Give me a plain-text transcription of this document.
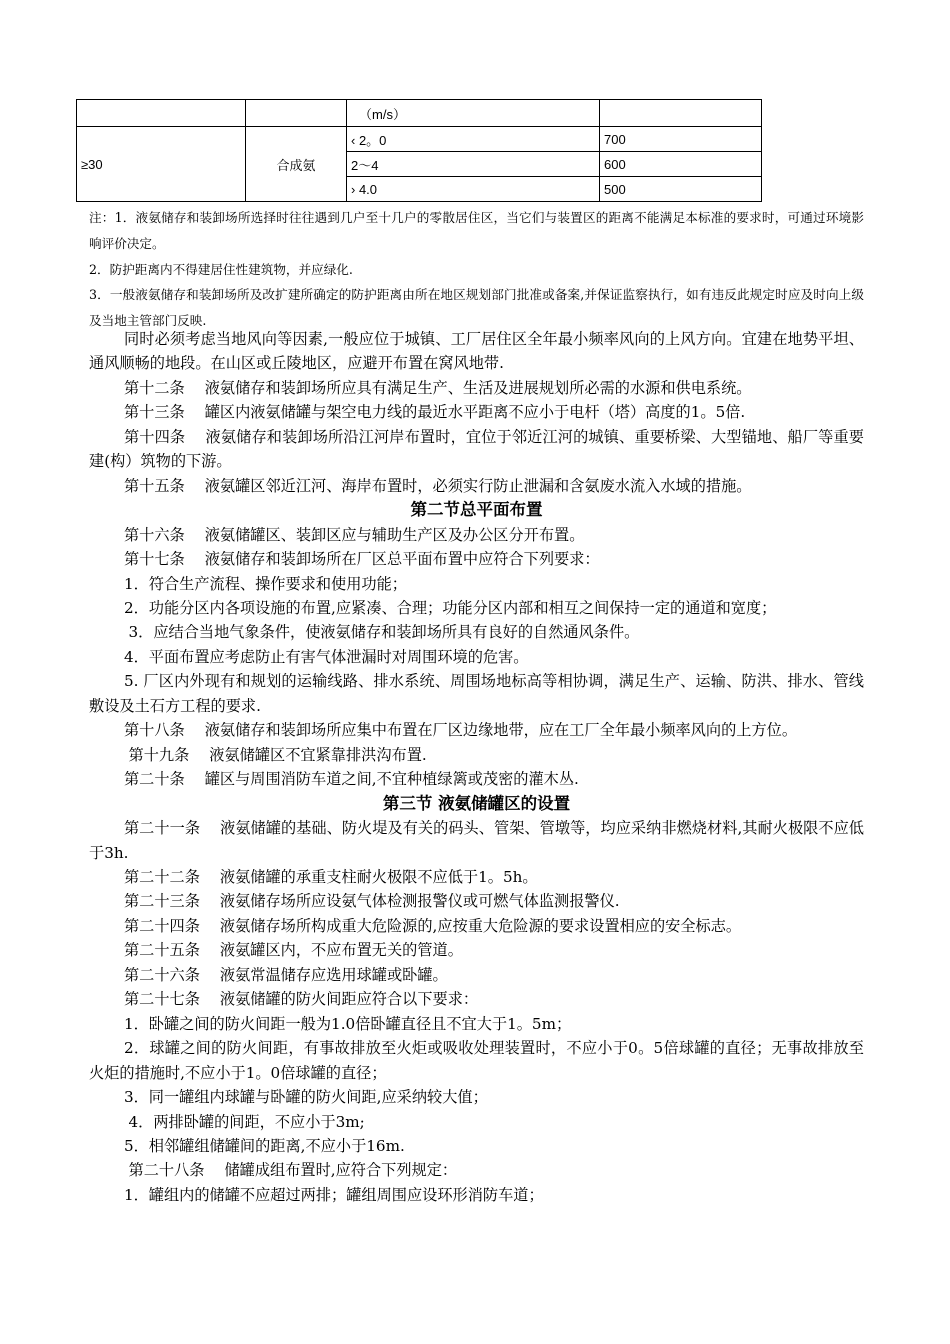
		（m/s）	
≥30	合成氨	‹ 2。0	700
		2～4	600
		› 4.0	500

注：1．液氨储存和装卸场所选择时往往遇到几户至十几户的零散居住区，当它们与装置区的距离不能满足本标准的要求时，可通过环境影响评价决定。

2．防护距离内不得建居住性建筑物，并应绿化.

3．一般液氨储存和装卸场所及改扩建所确定的防护距离由所在地区规划部门批准或备案,并保证监察执行，如有违反此规定时应及时向上级及当地主管部门反映.

同时必须考虑当地风向等因素,一般应位于城镇、工厂居住区全年最小频率风向的上风方向。宜建在地势平坦、通风顺畅的地段。在山区或丘陵地区，应避开布置在窝风地带.

第十二条　 液氨储存和装卸场所应具有满足生产、生活及进展规划所必需的水源和供电系统。

第十三条　 罐区内液氨储罐与架空电力线的最近水平距离不应小于电杆（塔）高度的1。5倍.

第十四条　 液氨储存和装卸场所沿江河岸布置时，宜位于邻近江河的城镇、重要桥梁、大型锚地、船厂等重要建(构）筑物的下游。

第十五条　 液氨罐区邻近江河、海岸布置时，必须实行防止泄漏和含氨废水流入水域的措施。

第二节总平面布置

第十六条　 液氨储罐区、装卸区应与辅助生产区及办公区分开布置。

第十七条　 液氨储存和装卸场所在厂区总平面布置中应符合下列要求：

1．符合生产流程、操作要求和使用功能；

2．功能分区内各项设施的布置,应紧凑、合理；功能分区内部和相互之间保持一定的通道和宽度；

3．应结合当地气象条件，使液氨储存和装卸场所具有良好的自然通风条件。

4．平面布置应考虑防止有害气体泄漏时对周围环境的危害。

5. 厂区内外现有和规划的运输线路、排水系统、周围场地标高等相协调，满足生产、运输、防洪、排水、管线敷设及土石方工程的要求.

第十八条　 液氨储存和装卸场所应集中布置在厂区边缘地带，应在工厂全年最小频率风向的上方位。

第十九条　 液氨储罐区不宜紧靠排洪沟布置.

第二十条　 罐区与周围消防车道之间,不宜种植绿篱或茂密的灌木丛.

第三节 液氨储罐区的设置

第二十一条　 液氨储罐的基础、防火堤及有关的码头、管架、管墩等，均应采纳非燃烧材料,其耐火极限不应低于3h.

第二十二条　 液氨储罐的承重支柱耐火极限不应低于1。5h。

第二十三条　 液氨储存场所应设氨气体检测报警仪或可燃气体监测报警仪.

第二十四条　 液氨储存场所构成重大危险源的,应按重大危险源的要求设置相应的安全标志。

第二十五条　 液氨罐区内，不应布置无关的管道。

第二十六条　 液氨常温储存应选用球罐或卧罐。

第二十七条　 液氨储罐的防火间距应符合以下要求：

1．卧罐之间的防火间距一般为1.0倍卧罐直径且不宜大于1。5m；

2．球罐之间的防火间距，有事故排放至火炬或吸收处理装置时，不应小于0。5倍球罐的直径；无事故排放至火炬的措施时,不应小于1。0倍球罐的直径；

3．同一罐组内球罐与卧罐的防火间距,应采纳较大值；

4．两排卧罐的间距，不应小于3m;

5．相邻罐组储罐间的距离,不应小于16m.

第二十八条　 储罐成组布置时,应符合下列规定：

1．罐组内的储罐不应超过两排；罐组周围应设环形消防车道；
